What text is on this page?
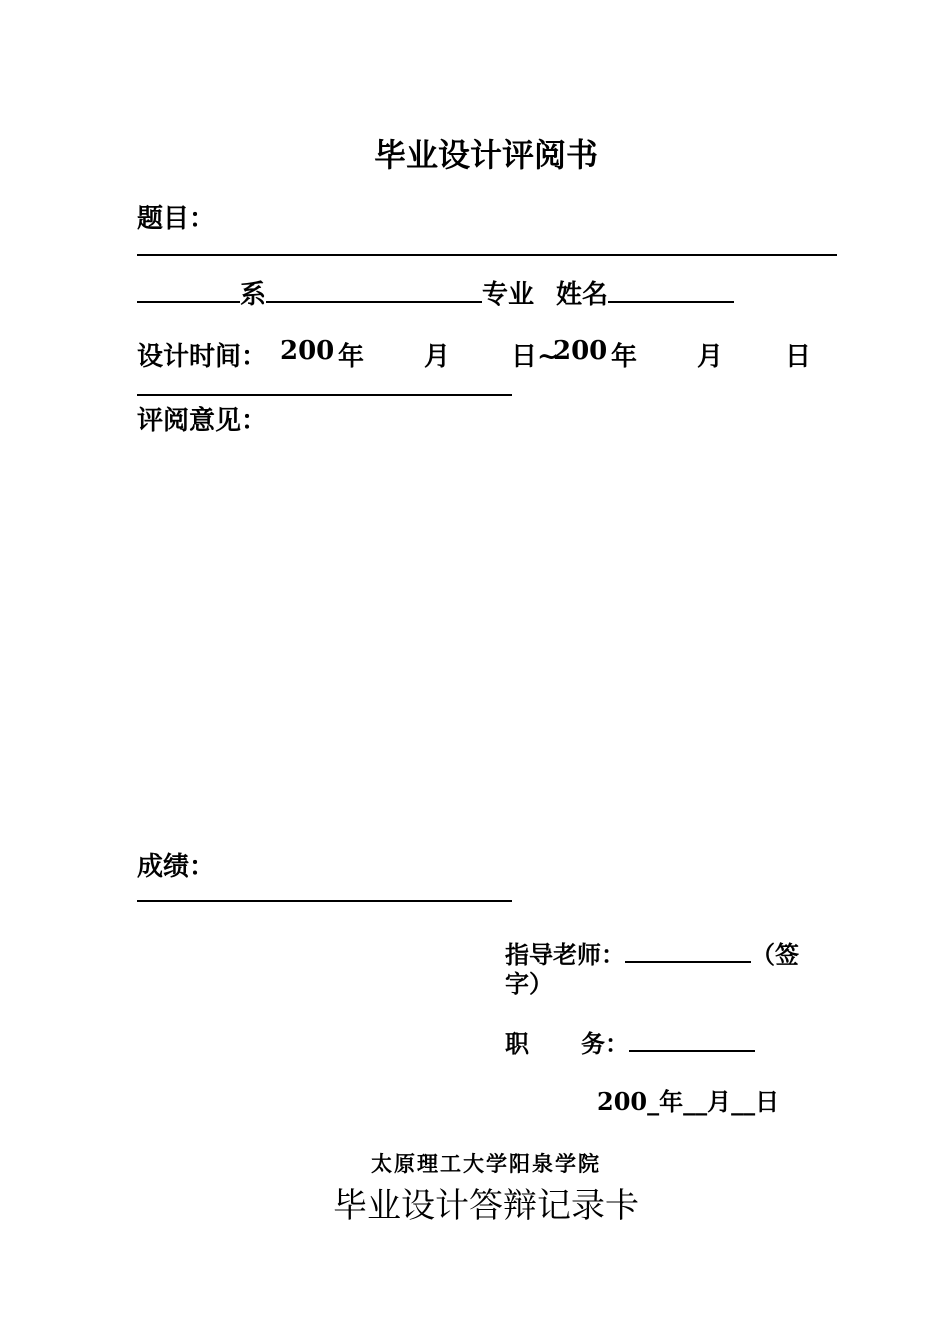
毕业设计评阅书
题目：
系	专业 姓名
设计时间： 200 年 月 日~
200 年 月 日
评阅意见：
成绩：
指导老师：	（签
字）
职 务：
200_年__月__日
太原理工大学阳泉学院
毕业设计答辩记录卡
